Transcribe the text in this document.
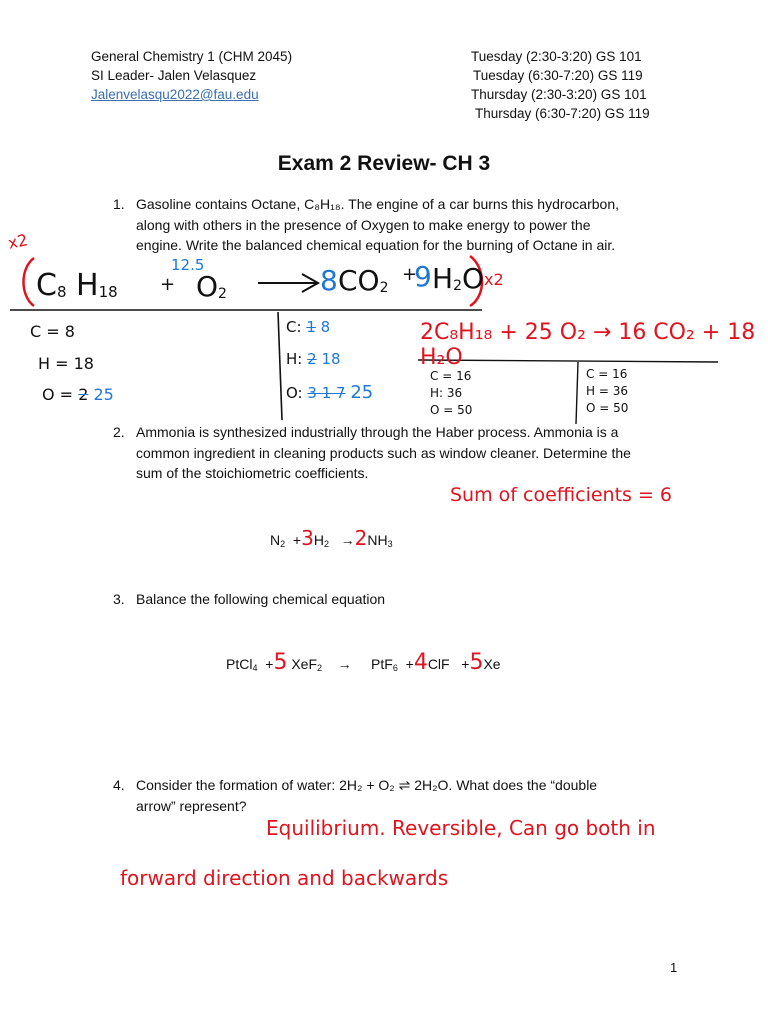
General Chemistry 1 (CHM 2045)
SI Leader- Jalen Velasquez
Jalenvelasqu2022@fau.edu
Tuesday (2:30-3:20) GS 101
Tuesday (6:30-7:20) GS 119
Thursday (2:30-3:20) GS 101
Thursday (6:30-7:20) GS 119
Exam 2 Review- CH 3
1. Gasoline contains Octane, C₈H₁₈. The engine of a car burns this hydrocarbon,
along with others in the presence of Oxygen to make energy to power the
engine. Write the balanced chemical equation for the burning of Octane in air.
x2
$C_8$ $H_{18}$ +
12.5
$O_2$	8 $CO_2$
+
9 $H_2O$ x2
C = 8
H = 18
O = 2 25
C: 1 8
H: 2 18
O: 3 1 7 25
2C₈H₁₈ + 25 O₂ → 16 CO₂ + 18 H₂O
C = 16
H: 36
O = 50
C = 16
H = 36
O = 50
2. Ammonia is synthesized industrially through the Haber process. Ammonia is a
common ingredient in cleaning products such as window cleaner. Determine the
sum of the stoichiometric coefficients.
Sum of coefficients = 6
$N_2 +3H_2 \to 2NH_3$
3. Balance the following chemical equation
PtCl$_4$  +5 XeF$_2$    →     PtF$_6$  +4ClF   +5Xe
4. Consider the formation of water: 2H₂ + O₂ ⇌ 2H₂O. What does the “double
arrow” represent?
Equilibrium. Reversible, Can go both in
forward direction and backwards
1
